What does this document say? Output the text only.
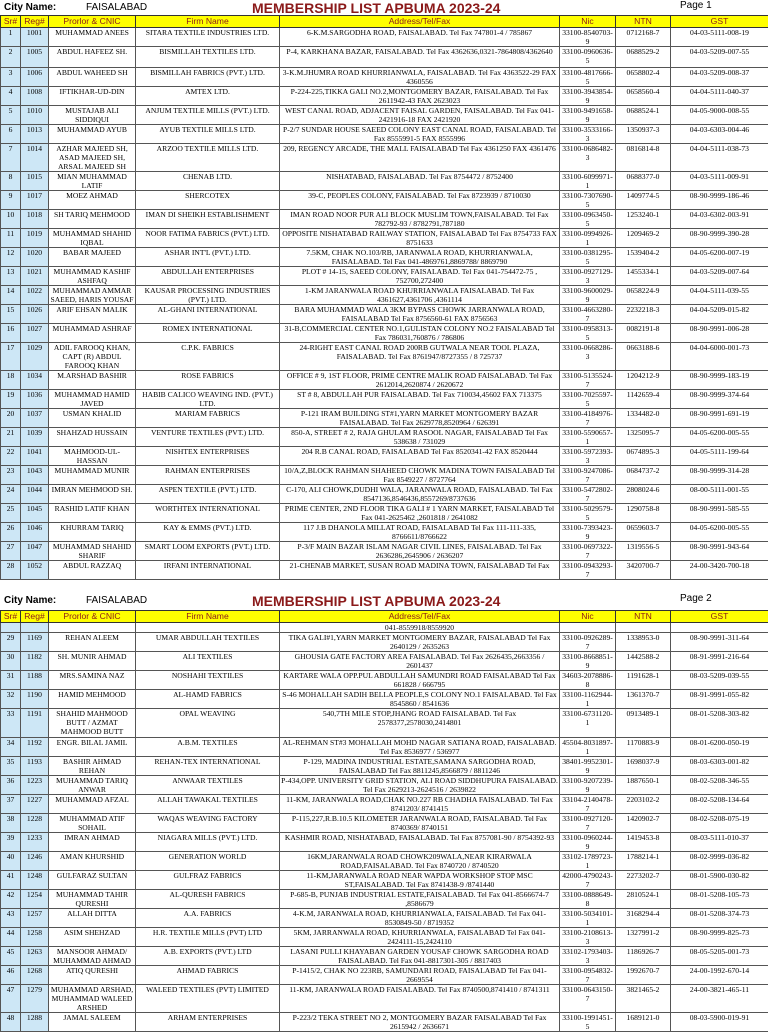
City Name:	FAISALABAD	MEMBERSHIP LIST APBUMA 2023-24	Page 1
Sr#	Reg#	Prorlor & CNIC	Firm Name	Address/Tel/Fax	Nic	NTN	GST
1	1001	MUHAMMAD ANEES	SITARA TEXTILE INDUSTRIES LTD.	6-K.M.SARGODHA ROAD, FAISALABAD. Tel Fax 747801-4 / 785867	33100-8540703-9	0712168-7	04-03-5111-008-19
2	1005	ABDUL HAFEEZ SH.	BISMILLAH TEXTILES LTD.	P-4, KARKHANA BAZAR, FAISALABAD. Tel Fax 4362636,0321-7864808/4362640	33100-0960636-5	0688529-2	04-03-5209-007-55
3	1006	ABDUL WAHEED SH	BISMILLAH FABRICS (PVT.) LTD.	3-K.M.JHUMRA ROAD KHURRIANWALA, FAISALABAD. Tel Fax 4363522-29 FAX 4360556	33100-4817666-5	0658802-4	04-03-5209-008-37
4	1008	IFTIKHAR-UD-DIN	AMTEX LTD.	P-224-225,TIKKA GALI NO.2,MONTGOMERY BAZAR, FAISALABAD. Tel Fax 2611942-43 FAX 2623023	33100-3943854-9	0658560-4	04-04-5111-040-37
5	1010	MUSTAJAB ALI SIDDIQUI	ANJUM TEXTILE MILLS (PVT.) LTD.	WEST CANAL ROAD, ADJACENT FAISAL GARDEN, FAISALABAD. Tel Fax 041-2421916-18 FAX 2421920	33100-9491658-9	0688524-1	04-05-9000-008-55
6	1013	MUHAMMAD AYUB	AYUB TEXTILE MILLS LTD.	P-2/7 SUNDAR HOUSE SAEED COLONY EAST CANAL ROAD, FAISALABAD. Tel Fax 8555991-5 FAX 8555996	33100-3533166-3	1350937-3	04-03-6303-004-46
7	1014	AZHAR MAJEED SH, ASAD MAJEED SH, ARSAL MAJEED SH	ARZOO TEXTILE MILLS LTD.	209, REGENCY ARCADE, THE MALL FAISALABAD Tel Fax 4361250 FAX 4361476	33100-0686482-3	0816814-8	04-04-5111-038-73
8	1015	MIAN MUHAMMAD LATIF	CHENAB LTD.	NISHATABAD, FAISALABAD. Tel Fax 8754472 / 8752400	33100-6099971-1	0688377-0	04-03-5111-009-91
9	1017	MOEZ AHMAD	SHERCOTEX	39-C, PEOPLES COLONY, FAISALABAD. Tel Fax 8723939 / 8710030	33100-7307690-5	1409774-5	08-90-9999-186-46
10	1018	SH TARIQ MEHMOOD	IMAN DI SHEIKH ESTABLISHMENT	IMAN ROAD NOOR PUR ALI BLOCK MUSLIM TOWN,FAISALABAD. Tel Fax 782792-93 / 8782791,787180	33100-0963450-5	1253240-1	04-03-6302-003-91
11	1019	MUHAMMAD SHAHID IQBAL	NOOR FATIMA FABRICS (PVT.) LTD.	OPPOSITE NISHATABAD RAILWAY STATION, FAISALABAD Tel Fax 8754733 FAX 8751633	33100-0994926-1	1209469-2	08-90-9999-390-28
12	1020	BABAR MAJEED	ASHAR INT'L (PVT.) LTD.	7.5KM, CHAK NO.103/RB, JARANWALA ROAD, KHURRIANWALA, FAISALABAD. Tel Fax 041-4869761,8869788/ 8869790	33100-0381295-5	1539404-2	04-05-6200-007-19
13	1021	MUHAMMAD KASHIF ASHFAQ	ABDULLAH ENTERPRISES	PLOT # 14-15, SAEED COLONY, FAISALABAD. Tel Fax 041-754472-75 , 752700,272400	33100-0927129-3	1455334-1	04-03-5209-007-64
14	1022	MUHAMMAD AMMAR SAEED, HARIS YOUSAF	KAUSAR PROCESSING INDUSTRIES (PVT.) LTD.	1-KM JARANWALA ROAD KHURRIANWALA FAISALABAD. Tel Fax 4361627,4361706 ,4361114	33100-9600029-9	0658224-9	04-04-5111-039-55
15	1026	ARIF EHSAN MALIK	AL-GHANI INTERNATIONAL	BARA MUHAMMAD WALA 3KM BYPASS CHOWK JARRANWALA ROAD, FAISALABAD Tel Fax 8756560-61 FAX 8756563	33100-4663280-7	2232218-3	04-04-5209-015-82
16	1027	MUHAMMAD ASHRAF	ROMEX INTERNATIONAL	31-B,COMMERCIAL CENTER NO.1,GULISTAN COLONY NO.2 FAISALABAD Tel Fax 786031,760876 / 786806	33100-0958313-5	0082191-8	08-90-9991-006-28
17	1029	ADIL FAROOQ KHAN, CAPT (R) ABDUL FAROOQ KHAN	C.P.K. FABRICS	24-RIGHT EAST CANAL ROAD 200RB GUTWALA NEAR TOOL PLAZA, FAISALABAD. Tel Fax 8761947/8727355 / 8 725737	33100-0668286-3	0663188-6	04-04-6000-001-73
18	1034	M.ARSHAD BASHIR	ROSE FABRICS	OFFICE # 9, 1ST FLOOR, PRIME CENTRE MALIK ROAD FAISALABAD. Tel Fax 2612014,2620874 / 2620672	33100-5135524-7	1204212-9	08-90-9999-183-19
19	1036	MUHAMMAD HAMID JAVED	HABIB CALICO WEAVING IND. (PVT.) LTD.	ST # 8, ABDULLAH PUR FAISALABAD. Tel Fax 710034,45602 FAX 713375	33100-7025597-5	1142659-4	08-90-9999-374-64
20	1037	USMAN KHALID	MARIAM FABRICS	P-121 IRAM BUILDING ST#1,YARN MARKET MONTGOMERY BAZAR FAISALABAD. Tel Fax 2629778,8520964 / 626391	33100-4184976-7	1334482-0	08-90-9991-691-19
21	1039	SHAHZAD HUSSAIN	VENTURE TEXTILES (PVT.) LTD.	850-A, STREET # 2, RAJA GHULAM RASOOL NAGAR, FAISALABAD Tel Fax 538638 / 731029	33100-5590657-1	1325095-7	04-05-6200-005-55
22	1041	MAHMOOD-UL-HASSAN	NISHTEX ENTERPRISES	204 R.B CANAL ROAD, FAISALABAD Tel Fax 8520341-42 FAX 8520444	33100-5972393-3	0674895-3	04-05-5111-199-64
23	1043	MUHAMMAD MUNIR	RAHMAN ENTERPRISES	10/A,Z,BLOCK RAHMAN SHAHEED CHOWK MADINA TOWN FAISALABAD Tel Fax 8549227 / 8727764	33100-9247086-7	0684737-2	08-90-9999-314-28
24	1044	IMRAN MEHMOOD SH.	ASPEN TEXTILE (PVT.) LTD.	C-170, ALI CHOWK,DUDHI WALA, JARANWALA ROAD, FAISALABAD. Tel Fax 8547136,8546436,8557269/8737636	33100-5472802-7	2808024-6	08-00-5111-001-55
25	1045	RASHID LATIF KHAN	WORTHTEX INTERNATIONAL	PRIME CENTER, 2ND FLOOR TIKA GALI # 1 YARN MARKET, FAISALABAD Tel Fax 041-2625462 ,2601818 / 2641082	33100-5029579-5	1290758-8	08-90-9991-585-55
26	1046	KHURRAM TARIQ	KAY & EMMS (PVT.) LTD.	117 J.B DHANOLA MILLAT ROAD, FAISALABAD Tel Fax 111-111-335, 8766611/8766622	33100-7393423-9	0659603-7	04-05-6200-005-55
27	1047	MUHAMMAD SHAHID SHARIF	SMART LOOM EXPORTS (PVT.) LTD.	P-3/F MAIN BAZAR ISLAM NAGAR CIVIL LINES, FAISALABAD. Tel Fax 2636286,2645906 / 2636207	33100-0697322-7	1319556-5	08-90-9991-943-64
28	1052	ABDUL RAZZAQ	IRFANI INTERNATIONAL	21-CHENAB MARKET, SUSAN ROAD MADINA TOWN, FAISALABAD Tel Fax	33100-0943293-7	3420700-7	24-00-3420-700-18
City Name:	FAISALABAD	MEMBERSHIP LIST APBUMA 2023-24	Page 2
Sr#	Reg#	Prorlor & CNIC	Firm Name	Address/Tel/Fax	Nic	NTN	GST
				041-8559918/8559920			
29	1169	REHAN ALEEM	UMAR ABDULLAH TEXTILES	TIKA GALI#1,YARN MARKET MONTGOMERY BAZAR, FAISALABAD Tel Fax 2640129 / 2635263	33100-0926289-7	1338953-0	08-90-9991-311-64
30	1182	SH. MUNIR AHMAD	ALI TEXTILES	GHOUSIA GATE FACTORY AREA FAISALABAD. Tel Fax 2626435,2663356 / 2601437	33100-8668851-9	1442588-2	08-91-9991-216-64
31	1188	MRS.SAMINA NAZ	NOSHAHI TEXTILES	KARTARE WALA OPP.PUL ABDULLAH SAMUNDRI ROAD FAISALABAD Tel Fax 661828 / 666795	34603-2078886-8	1191628-1	08-03-5209-039-55
32	1190	HAMID MEHMOOD	AL-HAMD FABRICS	S-46 MOHALLAH SADIH BELLA PEOPLE,S COLONY NO.1 FAISALABAD. Tel Fax 8545860 / 8541636	33100-1162944-1	1361370-7	08-91-9991-055-82
33	1191	SHAHID MAHMOOD BUTT / AZMAT MAHMOOD BUTT	OPAL WEAVING	540,7TH MILE STOP,JHANG ROAD FAISALABAD. Tel Fax 2578377,2578030,2414801	33100-6731120-1	0913489-1	08-01-5208-303-82
34	1192	ENGR. BILAL JAMIL	A.B.M. TEXTILES	AL-REHMAN ST#3 MOHALLAH MOHD NAGAR SATIANA ROAD, FAISALABAD. Tel Fax 8536977 / 536977	45504-8031897-1	1170883-9	08-01-6200-050-19
35	1193	BASHIR AHMAD REHAN	REHAN-TEX INTERNATIONAL	P-129, MADINA INDUSTRIAL ESTATE,SAMANA SARGODHA ROAD, FAISALABAD Tel Fax 8811245,8566879 / 8811246	38401-9952301-9	1698037-9	08-03-6303-001-82
36	1223	MUHAMMAD TARIQ ANWAR	ANWAAR TEXTILES	P-434,OPP. UNIVERSITY GRID STATION, ALI ROAD SIDDHUPURA FAISALABAD. Tel Fax 2629213-2624516 / 2639822	33100-9207239-9	1887650-1	08-02-5208-346-55
37	1227	MUHAMMAD AFZAL	ALLAH TAWAKAL TEXTILES	11-KM, JARANWALA ROAD,CHAK NO.227 RB CHADHA FAISALABAD. Tel Fax 8741203/ 8741415	33104-2140478-7	2203102-2	08-02-5208-134-64
38	1228	MUHAMMAD ATIF SOHAIL	WAQAS WEAVING FACTORY	P-115,227,R.B.10.5 KILOMETER JARANWALA ROAD, FAISALABAD. Tel Fax 8740369/ 8740151	33100-0927120-7	1420902-7	08-02-5208-075-19
39	1233	IMRAN AHMAD	NIAGARA MILLS (PVT.) LTD.	KASHMIR ROAD, NISHATABAD, FAISALABAD. Tel Fax 8757081-90 / 8754392-93	33100-0960244-9	1419453-8	08-03-5111-010-37
40	1246	AMAN KHURSHID	GENERATION WORLD	16KM,JARANWALA ROAD CHOWK209WALA,NEAR KIRARWALA ROAD,FAISALABAD. Tel Fax 8740720 / 8740520	33102-1789723-1	1788214-1	08-02-9999-036-82
41	1248	GULFARAZ SULTAN	GULFRAZ FABRICS	11-KM,JARANWALA ROAD NEAR WAPDA WORKSHOP STOP MSC ST,FAISALABAD. Tel Fax 8741438-9 /8741440	42000-4790243-7	2273202-7	08-01-5900-030-82
42	1254	MUHAMMAD TAHIR QURESHI	AL-QURESH FABRICS	P-685-B, PUNJAB INDUSTRIAL ESTATE,FAISALABAD. Tel Fax 041-8566674-7 ,8586679	33100-0888649-8	2810524-1	08-01-5208-105-73
43	1257	ALLAH DITTA	A.A. FABRICS	4-K.M, JARANWALA ROAD, KHURRIANWALA, FAISALABAD. Tel Fax 041-8530849-50 / 8719352	33100-5034101-1	3168294-4	08-01-5208-374-73
44	1258	ASIM SHEHZAD	H.R. TEXTILE MILLS (PVT) LTD	5KM, JARRANWALA ROAD, KHURRIANWALA, FAISALABAD Tel Fax 041-2424111-15,2424110	33100-2108613-3	1327991-2	08-90-9999-825-73
45	1263	MANSOOR AHMAD/ MUHAMMAD AHMAD	A.B. EXPORTS (PVT.) LTD	LASANI PULLI KHAYABAN GARDEN YOUSAF CHOWK SARGODHA ROAD FAISALABAD. Tel Fax 041-8817301-305 / 8817403	33102-1793403-3	1186926-7	08-05-5205-001-73
46	1268	ATIQ QURESHI	AHMAD FABRICS	P-1415/2, CHAK NO 223RB, SAMUNDARI ROAD, FAISALABAD Tel Fax 041-2669554	33100-0954832-7	1992670-7	24-00-1992-670-14
47	1279	MUHAMMAD ARSHAD, MUHAMMAD WALEED ARSHED	WALEED TEXTILES (PVT) LIMITED	11-KM, JARANWALA ROAD FAISALABAD. Tel Fax 8740500,8741410 / 8741311	33100-0643150-7	3821465-2	24-00-3821-465-11
48	1288	JAMAL SALEEM	ARHAM ENTERPRISES	P-223/2 TEKA STREET NO 2, MONTGOMERY BAZAR FAISALABAD Tel Fax 2615942 / 2636671	33100-1991451-5	1689121-0	08-03-5900-019-91
